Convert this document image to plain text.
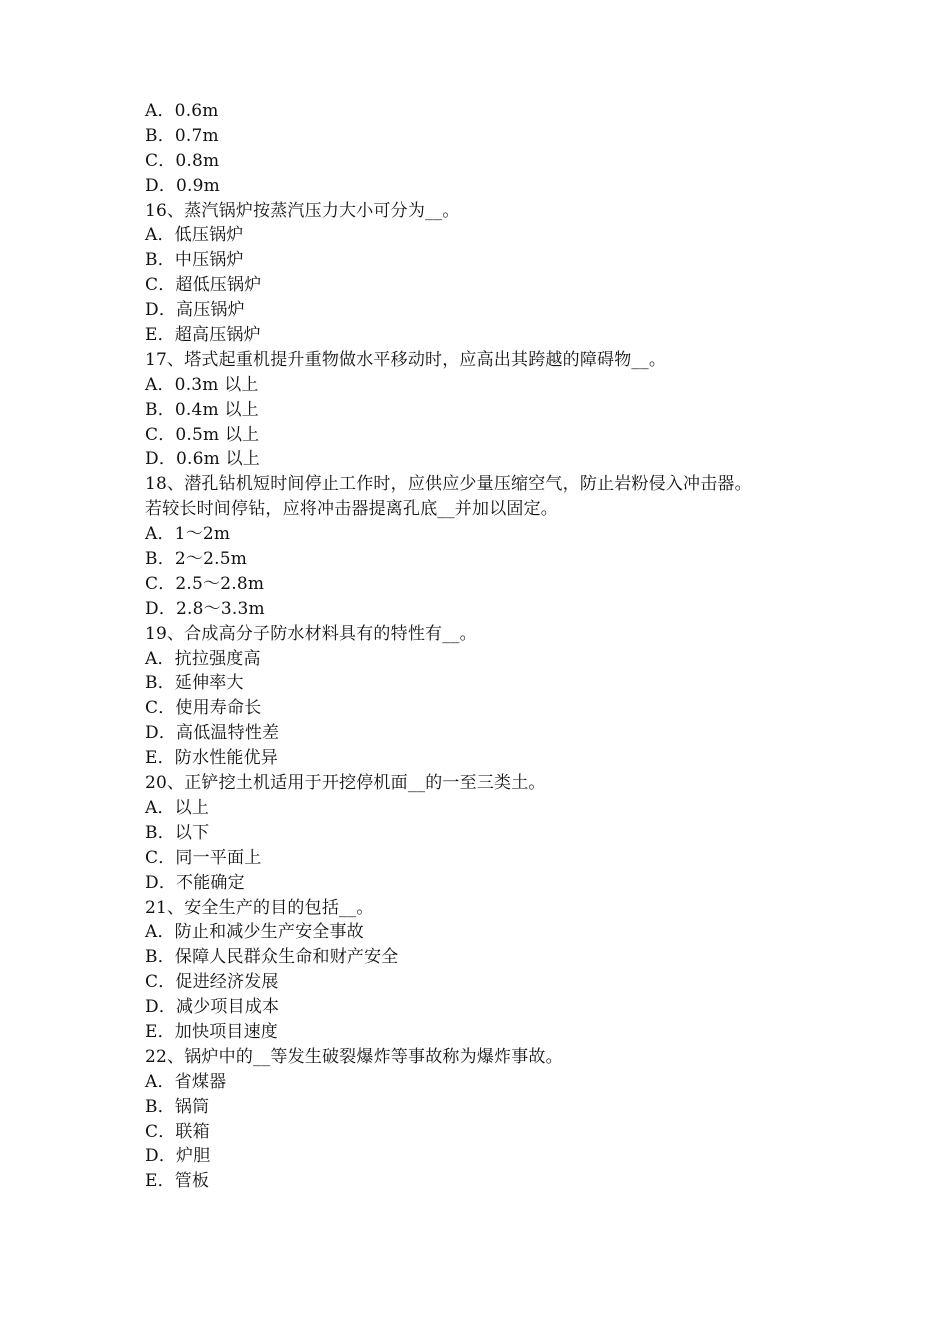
A．0.6m
B．0.7m
C．0.8m
D．0.9m
16、蒸汽锅炉按蒸汽压力大小可分为__。
A．低压锅炉
B．中压锅炉
C．超低压锅炉
D．高压锅炉
E．超高压锅炉
17、塔式起重机提升重物做水平移动时，应高出其跨越的障碍物__。
A．0.3m 以上
B．0.4m 以上
C．0.5m 以上
D．0.6m 以上
18、潜孔钻机短时间停止工作时，应供应少量压缩空气，防止岩粉侵入冲击器。
若较长时间停钻，应将冲击器提离孔底__并加以固定。
A．1～2m
B．2～2.5m
C．2.5～2.8m
D．2.8～3.3m
19、合成高分子防水材料具有的特性有__。
A．抗拉强度高
B．延伸率大
C．使用寿命长
D．高低温特性差
E．防水性能优异
20、正铲挖土机适用于开挖停机面__的一至三类土。
A．以上
B．以下
C．同一平面上
D．不能确定
21、安全生产的目的包括__。
A．防止和减少生产安全事故
B．保障人民群众生命和财产安全
C．促进经济发展
D．减少项目成本
E．加快项目速度
22、锅炉中的__等发生破裂爆炸等事故称为爆炸事故。
A．省煤器
B．锅筒
C．联箱
D．炉胆
E．管板
